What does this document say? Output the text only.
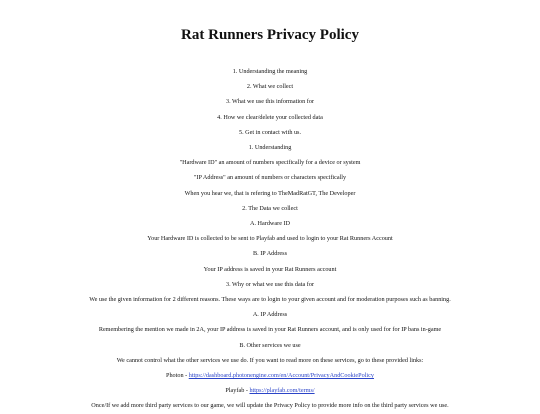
Rat Runners Privacy Policy
1. Understanding the meaning
2. What we collect
3. What we use this information for
4. How we clear/delete your collected data
5. Get in contact with us.
1. Understanding
"Hardware ID" an amount of numbers specifically for a device or system
"IP Address" an amount of numbers or characters specifically
When you hear we, that is refering to TheMadRatGT, The Developer
2. The Data we collect
A. Hardware ID
Your Hardware ID is collected to be sent to Playfab and used to login to your Rat Runners Account
B. IP Address
Your IP address is saved in your Rat Runners account
3. Why or what we use this data for
We use the given information for 2 different reasons. These ways are to login to your given account and for moderation purposes such as banning.
A. IP Address
Remembering the mention we made in 2A, your IP address is saved in your Rat Runners account, and is only used for for IP bans in-game
B. Other services we use
We cannot control what the other services we use do. If you want to read more on these services, go to these provided links:
Photon - https://dashboard.photonengine.com/en/Account/PrivacyAndCookiePolicy
Playfab - https://playfab.com/terms/
Once/If we add more third party services to our game, we will update the Privacy Policy to provide more info on the third party services we use.
